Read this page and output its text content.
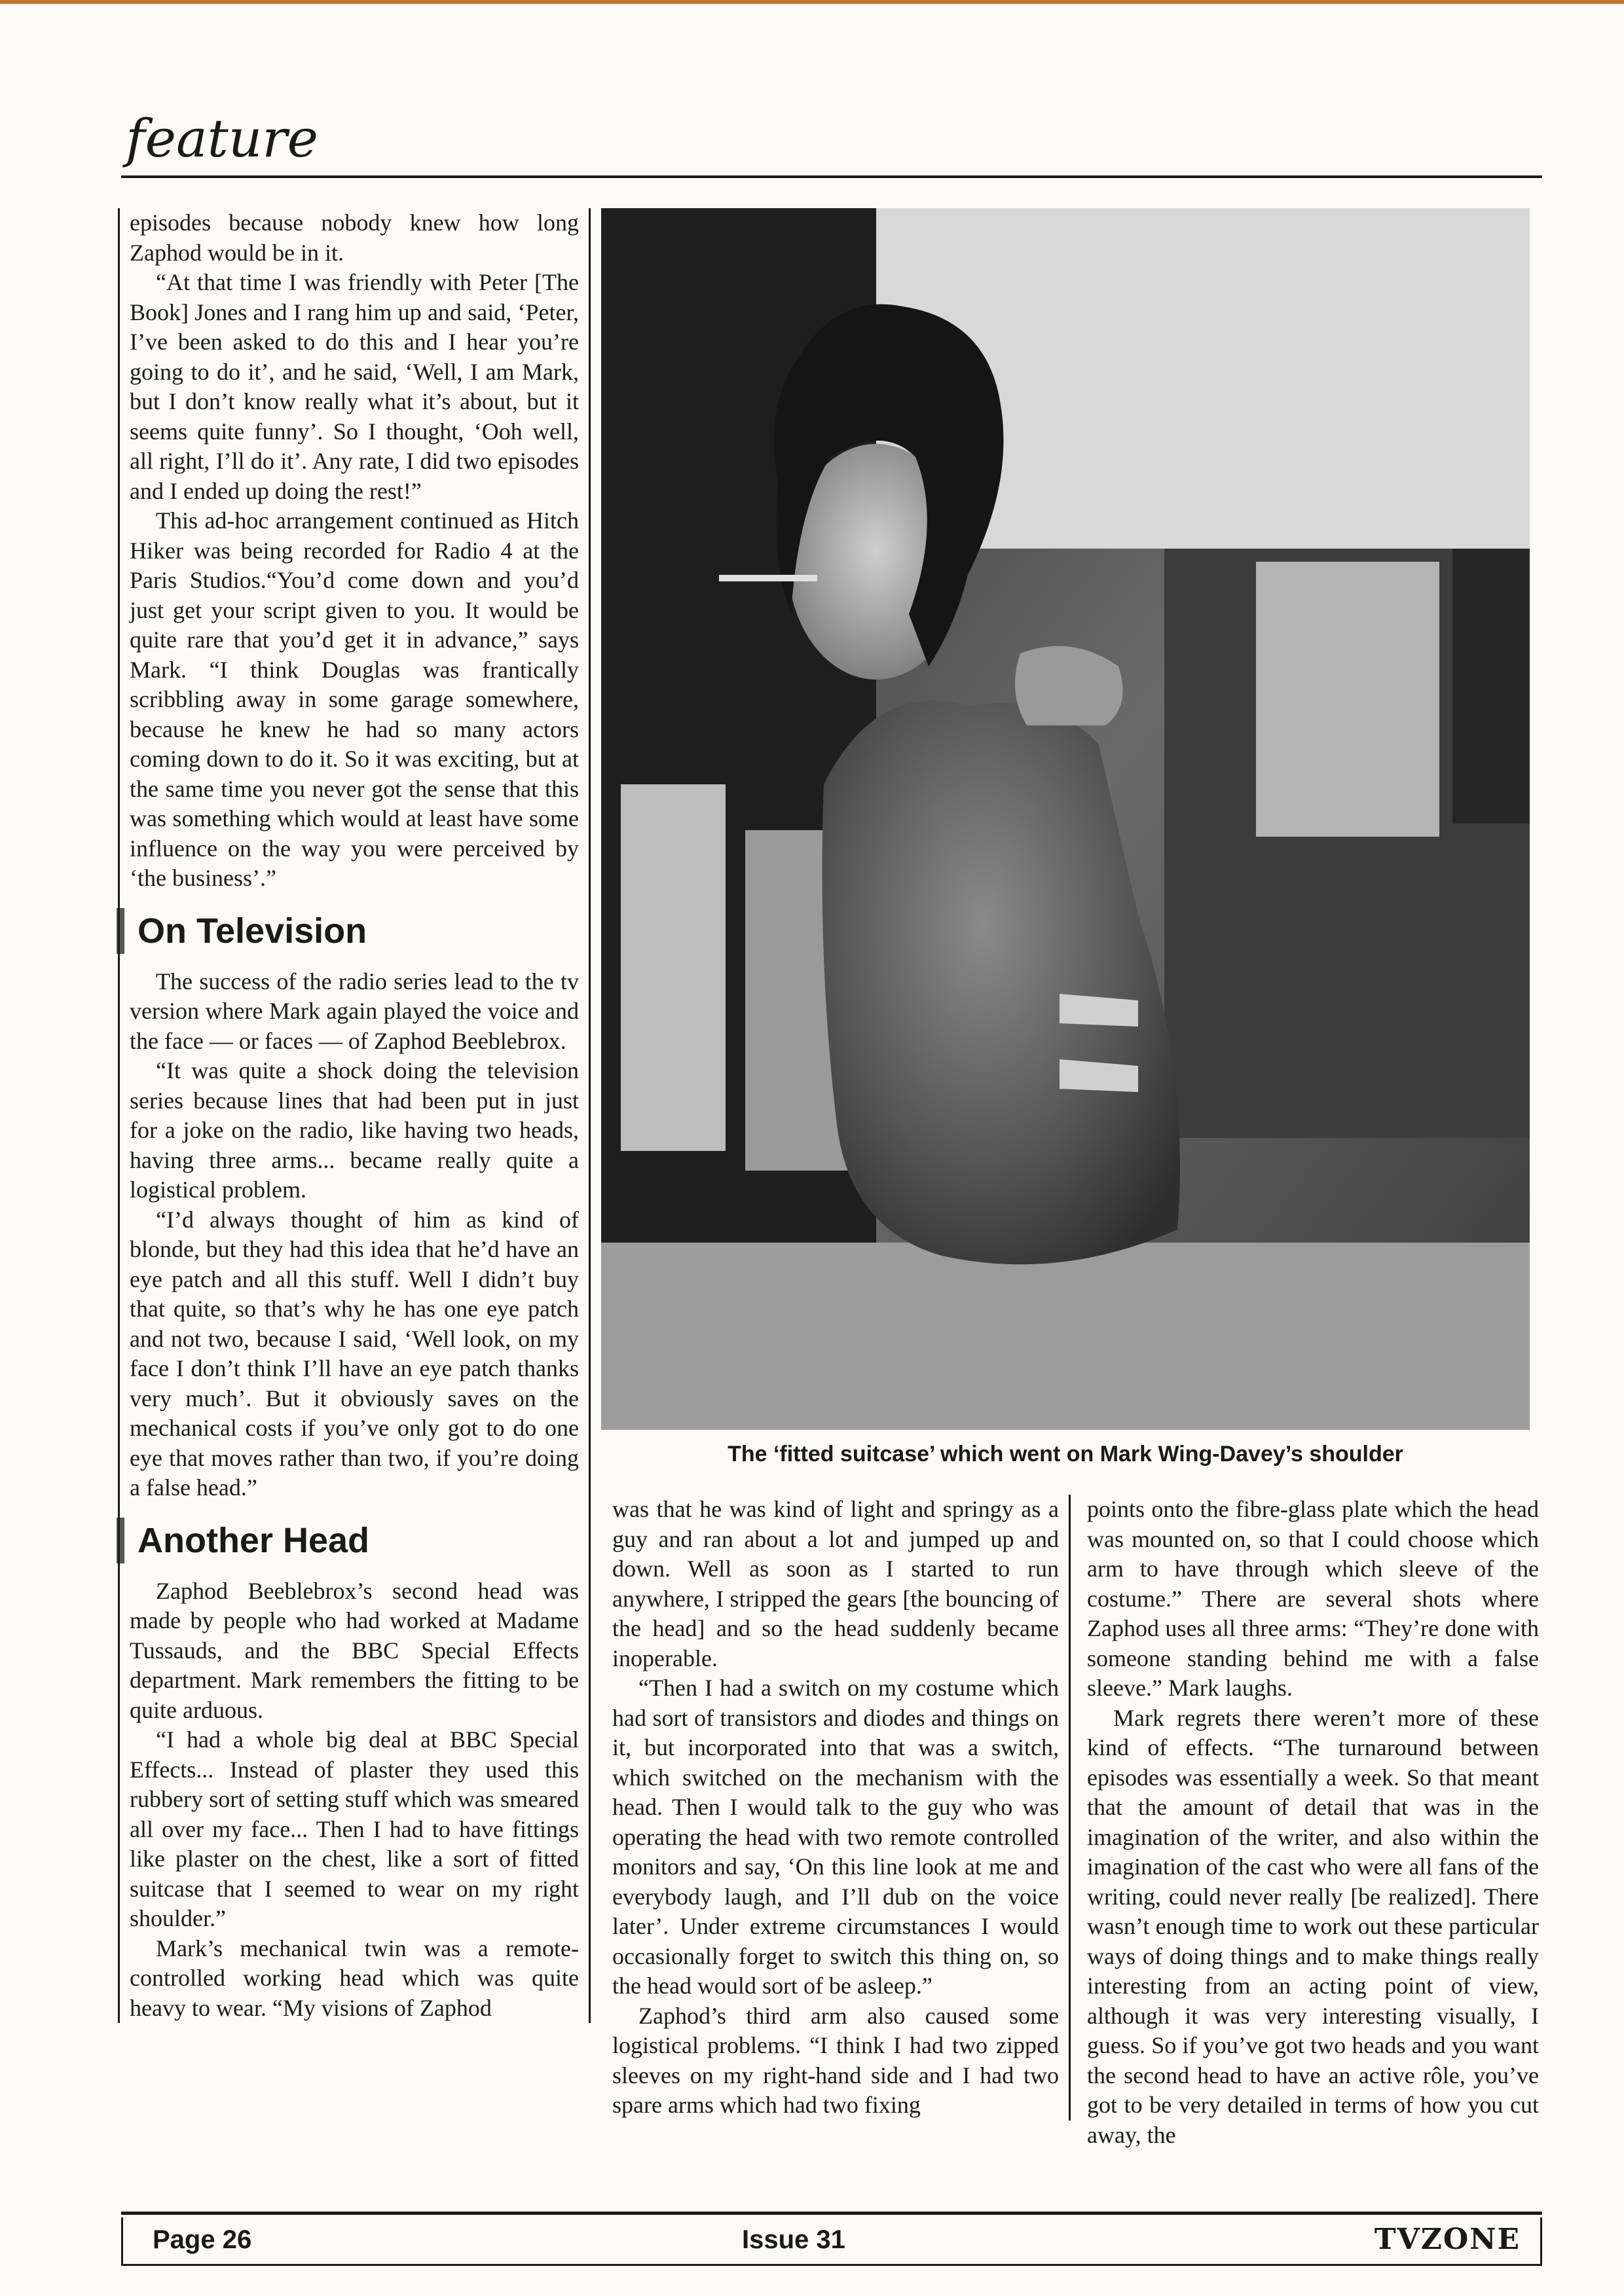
feature

episodes because nobody knew how long Zaphod would be in it.

“At that time I was friendly with Peter [The Book] Jones and I rang him up and said, ‘Peter, I’ve been asked to do this and I hear you’re going to do it’, and he said, ‘Well, I am Mark, but I don’t know really what it’s about, but it seems quite funny’. So I thought, ‘Ooh well, all right, I’ll do it’. Any rate, I did two episodes and I ended up doing the rest!”

This ad-hoc arrangement continued as Hitch Hiker was being recorded for Radio 4 at the Paris Studios.“You’d come down and you’d just get your script given to you. It would be quite rare that you’d get it in advance,” says Mark. “I think Douglas was frantically scribbling away in some garage somewhere, because he knew he had so many actors coming down to do it. So it was exciting, but at the same time you never got the sense that this was something which would at least have some influence on the way you were perceived by ‘the business’.”

On Television

The success of the radio series lead to the tv version where Mark again played the voice and the face — or faces — of Zaphod Beeblebrox.

“It was quite a shock doing the television series because lines that had been put in just for a joke on the radio, like having two heads, having three arms... became really quite a logistical problem.

“I’d always thought of him as kind of blonde, but they had this idea that he’d have an eye patch and all this stuff. Well I didn’t buy that quite, so that’s why he has one eye patch and not two, because I said, ‘Well look, on my face I don’t think I’ll have an eye patch thanks very much’. But it obviously saves on the mechanical costs if you’ve only got to do one eye that moves rather than two, if you’re doing a false head.”

Another Head

Zaphod Beeblebrox’s second head was made by people who had worked at Madame Tussauds, and the BBC Special Effects department. Mark remembers the fitting to be quite arduous.

“I had a whole big deal at BBC Special Effects... Instead of plaster they used this rubbery sort of setting stuff which was smeared all over my face... Then I had to have fittings like plaster on the chest, like a sort of fitted suitcase that I seemed to wear on my right shoulder.”

Mark’s mechanical twin was a remote-controlled working head which was quite heavy to wear. “My visions of Zaphod

The ‘fitted suitcase’ which went on Mark Wing-Davey’s shoulder

was that he was kind of light and springy as a guy and ran about a lot and jumped up and down. Well as soon as I started to run anywhere, I stripped the gears [the bouncing of the head] and so the head suddenly became inoperable.

“Then I had a switch on my costume which had sort of transistors and diodes and things on it, but incorporated into that was a switch, which switched on the mechanism with the head. Then I would talk to the guy who was operating the head with two remote controlled monitors and say, ‘On this line look at me and everybody laugh, and I’ll dub on the voice later’. Under extreme circumstances I would occasionally forget to switch this thing on, so the head would sort of be asleep.”

Zaphod’s third arm also caused some logistical problems. “I think I had two zipped sleeves on my right-hand side and I had two spare arms which had two fixing

points onto the fibre-glass plate which the head was mounted on, so that I could choose which arm to have through which sleeve of the costume.” There are several shots where Zaphod uses all three arms: “They’re done with someone standing behind me with a false sleeve.” Mark laughs.

Mark regrets there weren’t more of these kind of effects. “The turnaround between episodes was essentially a week. So that meant that the amount of detail that was in the imagination of the writer, and also within the imagination of the cast who were all fans of the writing, could never really [be realized]. There wasn’t enough time to work out these particular ways of doing things and to make things really interesting from an acting point of view, although it was very interesting visually, I guess. So if you’ve got two heads and you want the second head to have an active rôle, you’ve got to be very detailed in terms of how you cut away, the

Page 26	Issue 31	TVZONE
